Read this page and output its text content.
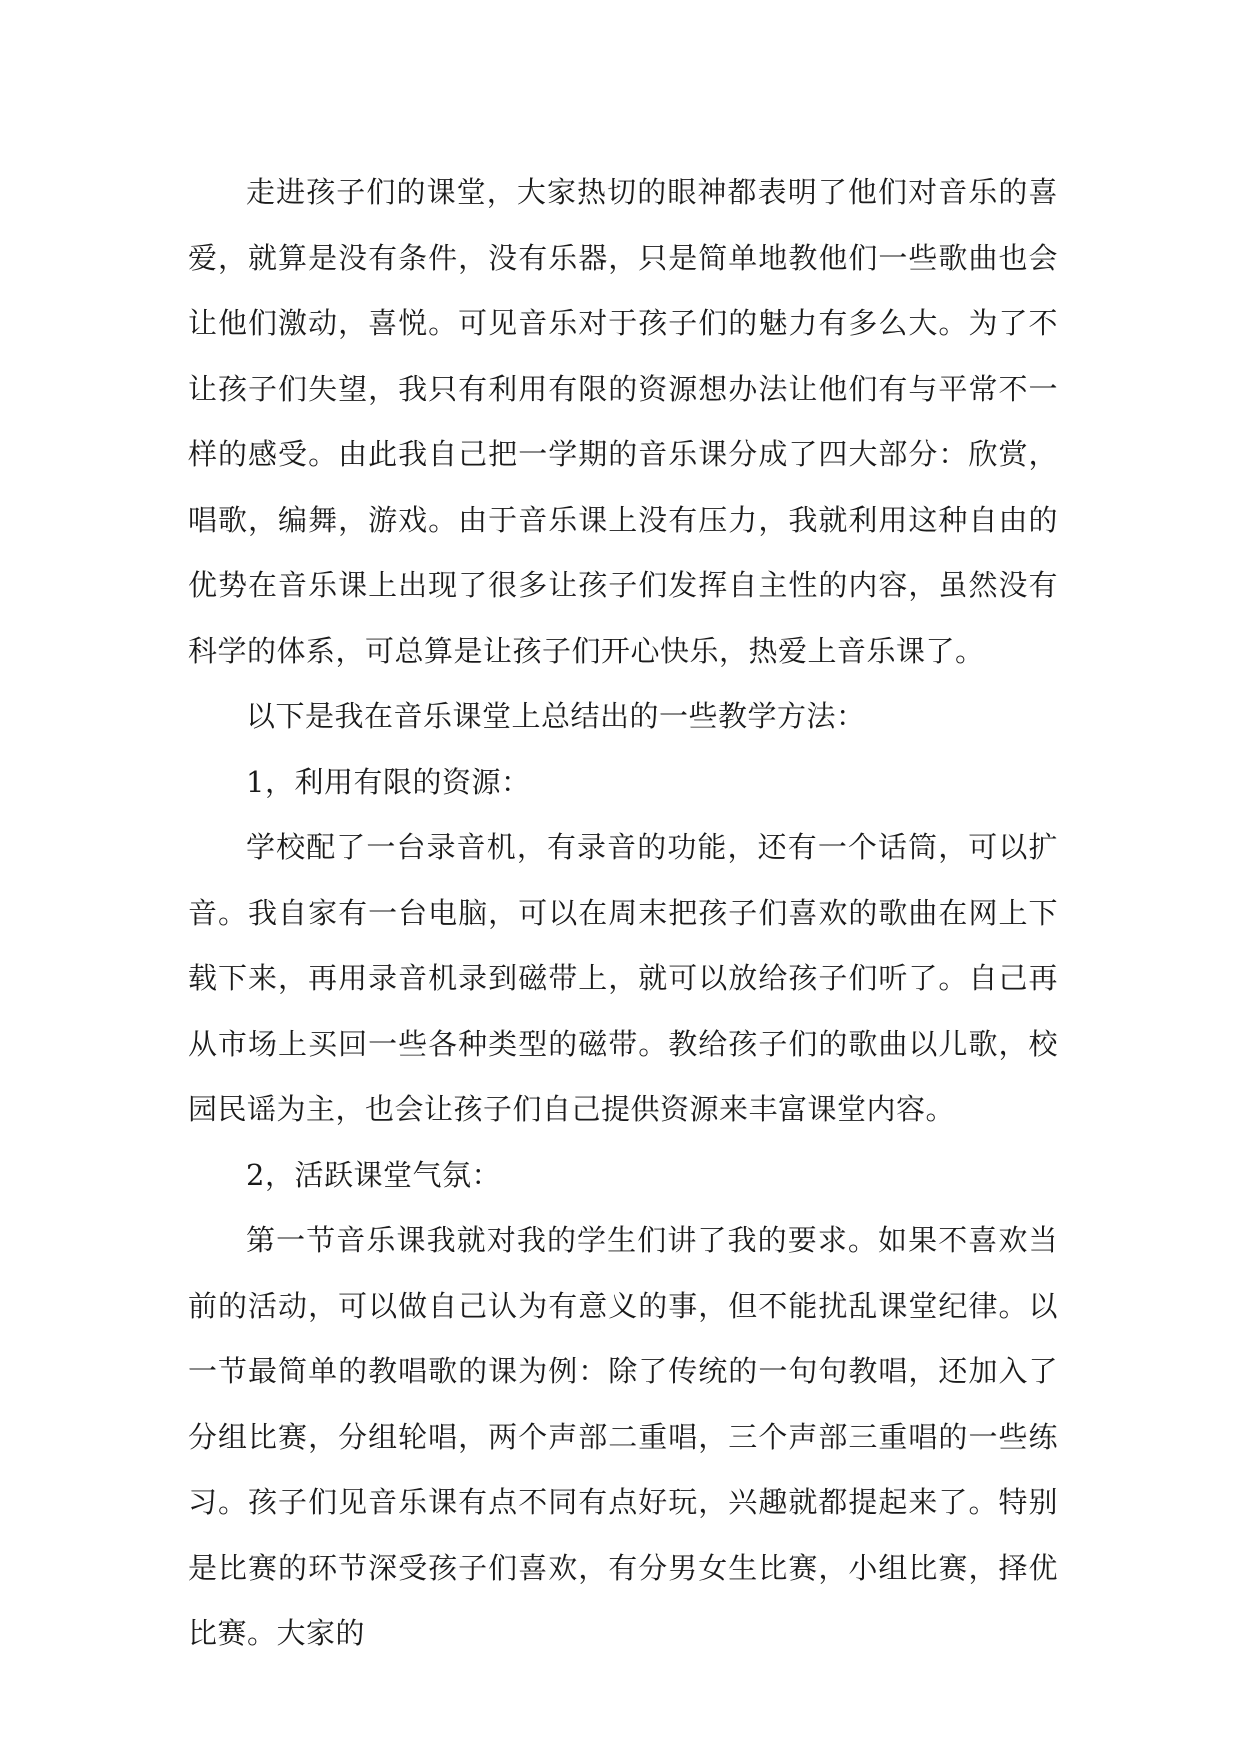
走进孩子们的课堂，大家热切的眼神都表明了他们对音乐的喜爱，就算是没有条件，没有乐器，只是简单地教他们一些歌曲也会让他们激动，喜悦。可见音乐对于孩子们的魅力有多么大。为了不让孩子们失望，我只有利用有限的资源想办法让他们有与平常不一样的感受。由此我自己把一学期的音乐课分成了四大部分：欣赏，唱歌，编舞，游戏。由于音乐课上没有压力，我就利用这种自由的优势在音乐课上出现了很多让孩子们发挥自主性的内容，虽然没有科学的体系，可总算是让孩子们开心快乐，热爱上音乐课了。

以下是我在音乐课堂上总结出的一些教学方法：

1，利用有限的资源：

学校配了一台录音机，有录音的功能，还有一个话筒，可以扩音。我自家有一台电脑，可以在周末把孩子们喜欢的歌曲在网上下载下来，再用录音机录到磁带上，就可以放给孩子们听了。自己再从市场上买回一些各种类型的磁带。教给孩子们的歌曲以儿歌，校园民谣为主，也会让孩子们自己提供资源来丰富课堂内容。

2，活跃课堂气氛：

第一节音乐课我就对我的学生们讲了我的要求。如果不喜欢当前的活动，可以做自己认为有意义的事，但不能扰乱课堂纪律。以一节最简单的教唱歌的课为例：除了传统的一句句教唱，还加入了分组比赛，分组轮唱，两个声部二重唱，三个声部三重唱的一些练习。孩子们见音乐课有点不同有点好玩，兴趣就都提起来了。特别是比赛的环节深受孩子们喜欢，有分男女生比赛，小组比赛，择优比赛。大家的
